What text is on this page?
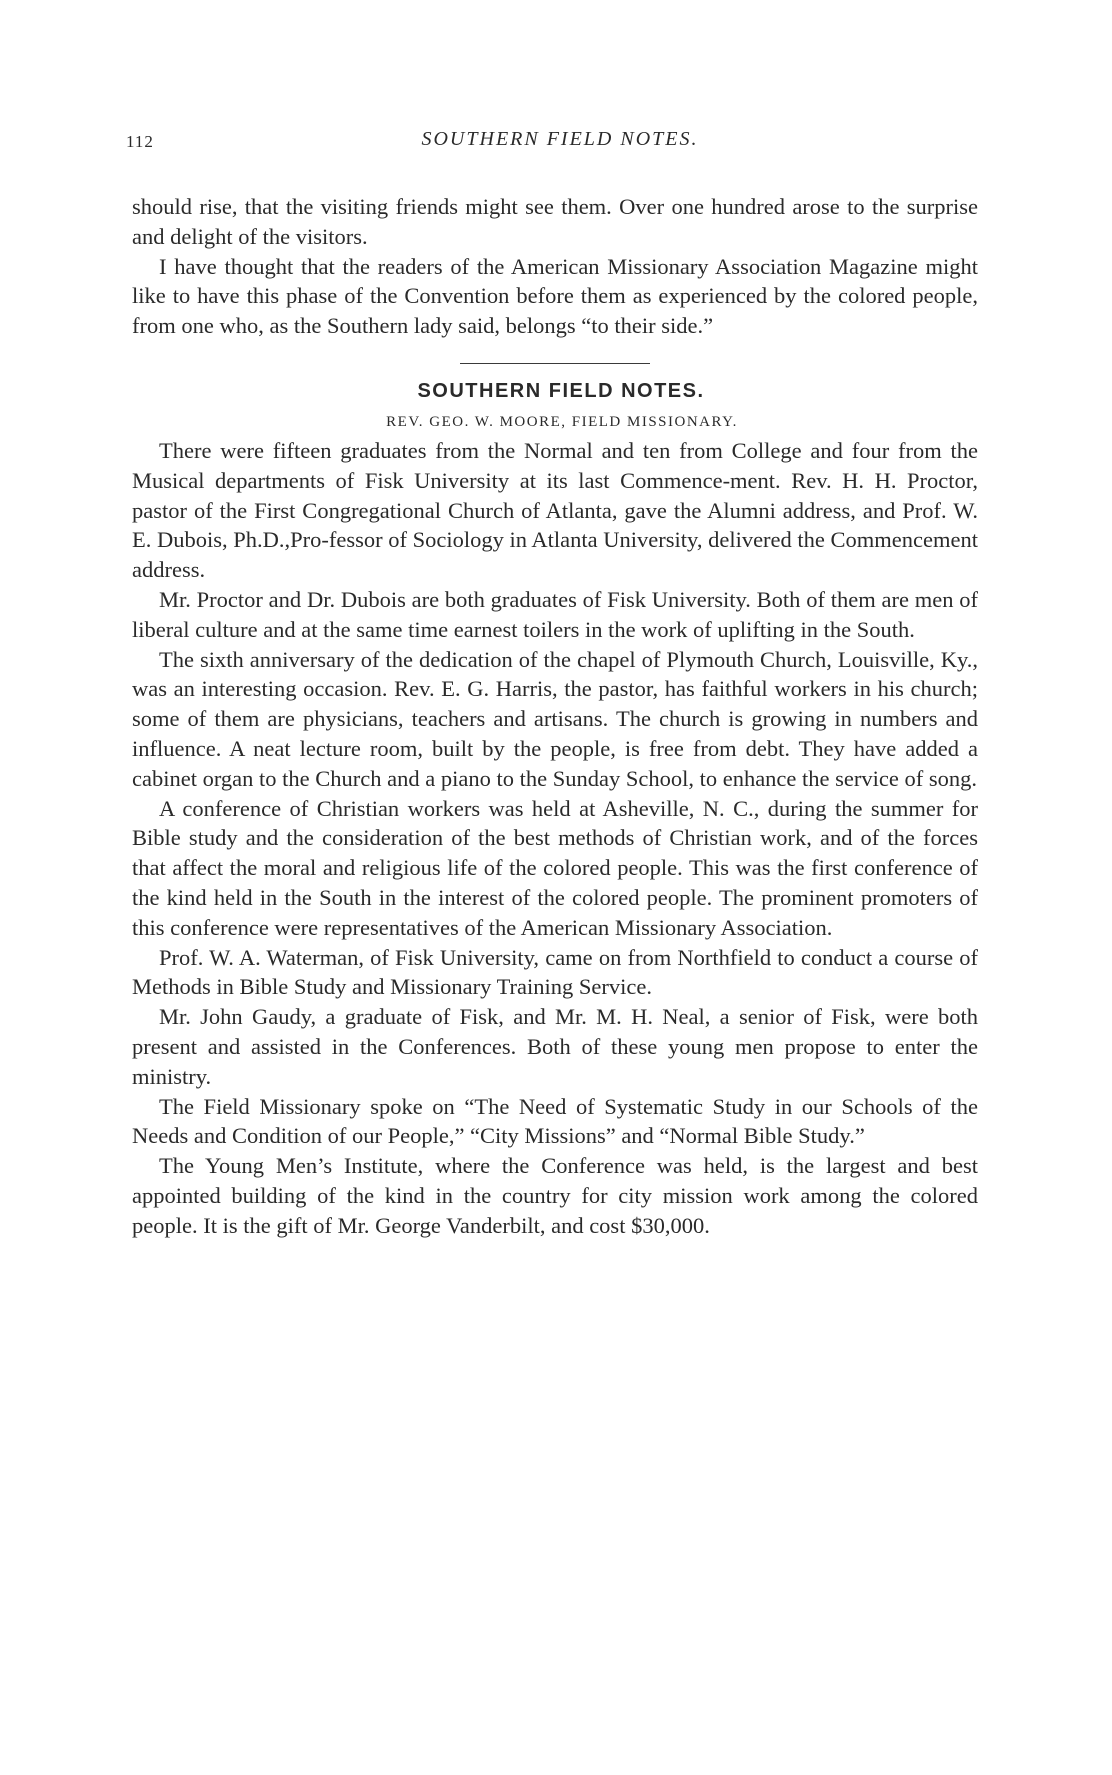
112	SOUTHERN FIELD NOTES.

should rise, that the visiting friends might see them. Over one hundred arose to the surprise and delight of the visitors.

I have thought that the readers of the American Missionary Association Magazine might like to have this phase of the Convention before them as experienced by the colored people, from one who, as the Southern lady said, belongs “to their side.”

SOUTHERN FIELD NOTES.
REV. GEO. W. MOORE, FIELD MISSIONARY.

There were fifteen graduates from the Normal and ten from College and four from the Musical departments of Fisk University at its last Commence-ment. Rev. H. H. Proctor, pastor of the First Congregational Church of Atlanta, gave the Alumni address, and Prof. W. E. Dubois, Ph.D.,Pro-fessor of Sociology in Atlanta University, delivered the Commencement address.

Mr. Proctor and Dr. Dubois are both graduates of Fisk University. Both of them are men of liberal culture and at the same time earnest toilers in the work of uplifting in the South.

The sixth anniversary of the dedication of the chapel of Plymouth Church, Louisville, Ky., was an interesting occasion. Rev. E. G. Harris, the pastor, has faithful workers in his church; some of them are physicians, teachers and artisans. The church is growing in numbers and influence. A neat lecture room, built by the people, is free from debt. They have added a cabinet organ to the Church and a piano to the Sunday School, to enhance the service of song.

A conference of Christian workers was held at Asheville, N. C., during the summer for Bible study and the consideration of the best methods of Christian work, and of the forces that affect the moral and religious life of the colored people. This was the first conference of the kind held in the South in the interest of the colored people. The prominent promoters of this conference were representatives of the American Missionary Association.

Prof. W. A. Waterman, of Fisk University, came on from Northfield to conduct a course of Methods in Bible Study and Missionary Training Service.

Mr. John Gaudy, a graduate of Fisk, and Mr. M. H. Neal, a senior of Fisk, were both present and assisted in the Conferences. Both of these young men propose to enter the ministry.

The Field Missionary spoke on “The Need of Systematic Study in our Schools of the Needs and Condition of our People,” “City Missions” and “Normal Bible Study.”

The Young Men’s Institute, where the Conference was held, is the largest and best appointed building of the kind in the country for city mission work among the colored people. It is the gift of Mr. George Vanderbilt, and cost $30,000.
